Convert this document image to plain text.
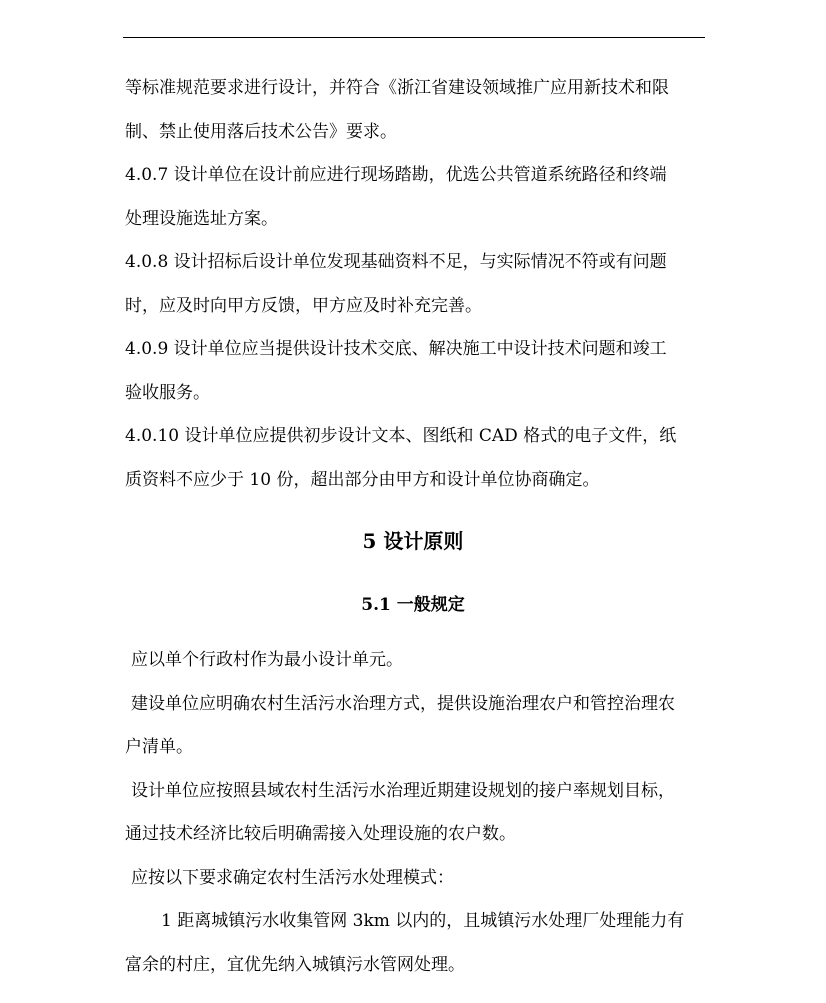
等标准规范要求进行设计，并符合《浙江省建设领域推广应用新技术和限

制、禁止使用落后技术公告》要求。

4.0.7 设计单位在设计前应进行现场踏勘，优选公共管道系统路径和终端

处理设施选址方案。

4.0.8 设计招标后设计单位发现基础资料不足，与实际情况不符或有问题

时，应及时向甲方反馈，甲方应及时补充完善。

4.0.9 设计单位应当提供设计技术交底、解决施工中设计技术问题和竣工

验收服务。

4.0.10 设计单位应提供初步设计文本、图纸和 CAD 格式的电子文件，纸

质资料不应少于 10 份，超出部分由甲方和设计单位协商确定。

5 设计原则
5.1 一般规定

应以单个行政村作为最小设计单元。

建设单位应明确农村生活污水治理方式，提供设施治理农户和管控治理农

户清单。

设计单位应按照县域农村生活污水治理近期建设规划的接户率规划目标，

通过技术经济比较后明确需接入处理设施的农户数。

应按以下要求确定农村生活污水处理模式：

1 距离城镇污水收集管网 3km 以内的，且城镇污水处理厂处理能力有

富余的村庄，宜优先纳入城镇污水管网处理。
